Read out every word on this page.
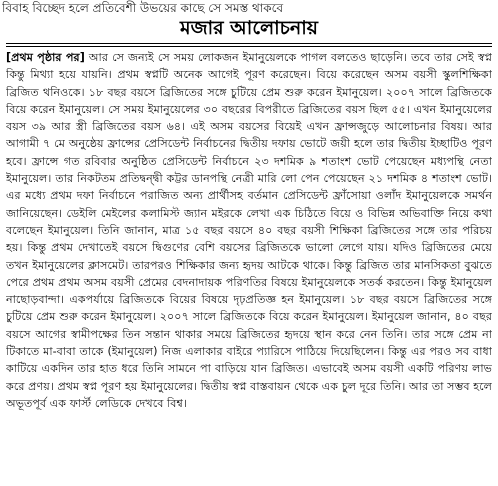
বিবাহ বিচ্ছেদ হলে প্রতিবেশী উভয়ের কাছে সে সমস্ত থাকবে
মজার আলোচনায়
[প্রথম পৃষ্ঠার পর] আর সে জন্যই সে সময় লোকজন ইমানুয়েলকে পাগল বলতেও ছাড়েনি। তবে তার সেই স্বপ্ন কিন্তু মিথ্যা হয়ে যায়নি। প্রথম স্বপ্নটি অনেক আগেই পূরণ করেছেন। বিয়ে করেছেন অসম বয়সী স্কুলশিক্ষিকা ব্রিজিত থনিওকে। ১৮ বছর বয়সে ব্রিজিতের সঙ্গে চুটিয়ে প্রেম শুরু করেন ইমানুয়েল। ২০০৭ সালে ব্রিজিতকে বিয়ে করেন ইমানুয়েল। সে সময় ইমানুয়েলের ৩০ বছরের বিপরীতে ব্রিজিতের বয়স ছিল ৫৫। এখন ইমানুয়েলের বয়স ৩৯ আর স্ত্রী ব্রিজিতের বয়স ৬৪। এই অসম বয়সের বিয়েই এখন ফ্রান্সজুড়ে আলোচনার বিষয়। আর আগামী ৭ মে অনুষ্ঠেয় ফ্রান্সের প্রেসিডেন্ট নির্বাচনের দ্বিতীয় দফায় ভোটে জয়ী হলে তার দ্বিতীয় ইচ্ছাটিও পূরণ হবে। ফ্রান্সে গত রবিবার অনুষ্ঠিত প্রেসিডেন্ট নির্বাচনে ২৩ দশমিক ৯ শতাংশ ভোট পেয়েছেন মধ্যপন্থি নেতা ইমানুয়েল। তার নিকটতম প্রতিদ্বন্দ্বী কট্টর ডানপন্থি নেত্রী মারি লো পেন পেয়েছেন ২১ দশমিক ৪ শতাংশ ভোট। এর মধ্যে প্রথম দফা নির্বাচনে পরাজিত অন্য প্রার্থীসহ বর্তমান প্রেসিডেন্ট ফ্রাঁসোয়া ওলাঁদ ইমানুয়েলকে সমর্থন জানিয়েছেন। ডেইলি মেইলের কলামিস্ট জ্যান মইরকে লেখা এক চিঠিতে বিয়ে ও বিভিন্ন অভিবাক্তি নিয়ে কথা বলেছেন ইমানুয়েল। তিনি জানান, মাত্র ১৫ বছর বয়সে ৪০ বছর বয়সী শিক্ষিকা ব্রিজিতের সঙ্গে তার পরিচয় হয়। কিন্তু প্রথম দেখাতেই বয়সে দ্বিগুণের বেশি বয়সের ব্রিজিতকে ভালো লেগে যায়। যদিও ব্রিজিতের মেয়ে তখন ইমানুয়েলের ক্লাসমেট। তারপরও শিক্ষিকার জন্য হৃদয় আটকে থাকে। কিন্তু ব্রিজিত তার মানসিকতা বুঝতে পেরে প্রথম প্রথম অসম বয়সী প্রেমের বেদনাদায়ক পরিণতির বিষয়ে ইমানুয়েলকে সতর্ক করতেন। কিন্তু ইমানুয়েল নাছোড়বান্দা। একপর্যায়ে ব্রিজিতকে বিয়ের বিষয়ে দৃঢ়প্রতিজ্ঞ হন ইমানুয়েল। ১৮ বছর বয়সে ব্রিজিতের সঙ্গে চুটিয়ে প্রেম শুরু করেন ইমানুয়েল। ২০০৭ সালে ব্রিজিতকে বিয়ে করেন ইমানুয়েল। ইমানুয়েল জানান, ৪০ বছর বয়সে আগের স্বামীপক্ষের তিন সন্তান থাকার সময়ে ব্রিজিতের হৃদয়ে স্থান করে নেন তিনি। তার সঙ্গে প্রেম না টিকাতে মা-বাবা তাকে (ইমানুয়েল) নিজ এলাকার বাইরে প্যারিসে পাঠিয়ে দিয়েছিলেন। কিন্তু এর পরও সব বাধা কাটিয়ে একদিন তার হাত ধরে তিনি সামনে পা বাড়িয়ে যান ব্রিজিত। এভাবেই অসম বয়সী একটি পরিণয় লাভ করে প্রণয়। প্রথম স্বপ্ন পূরণ হয় ইমানুয়েলের। দ্বিতীয় স্বপ্ন বাস্তবায়ন থেকে এক চুল দূরে তিনি। আর তা সম্ভব হলে অভূতপূর্ব এক ফার্স্ট লেডিকে দেখবে বিশ্ব।
